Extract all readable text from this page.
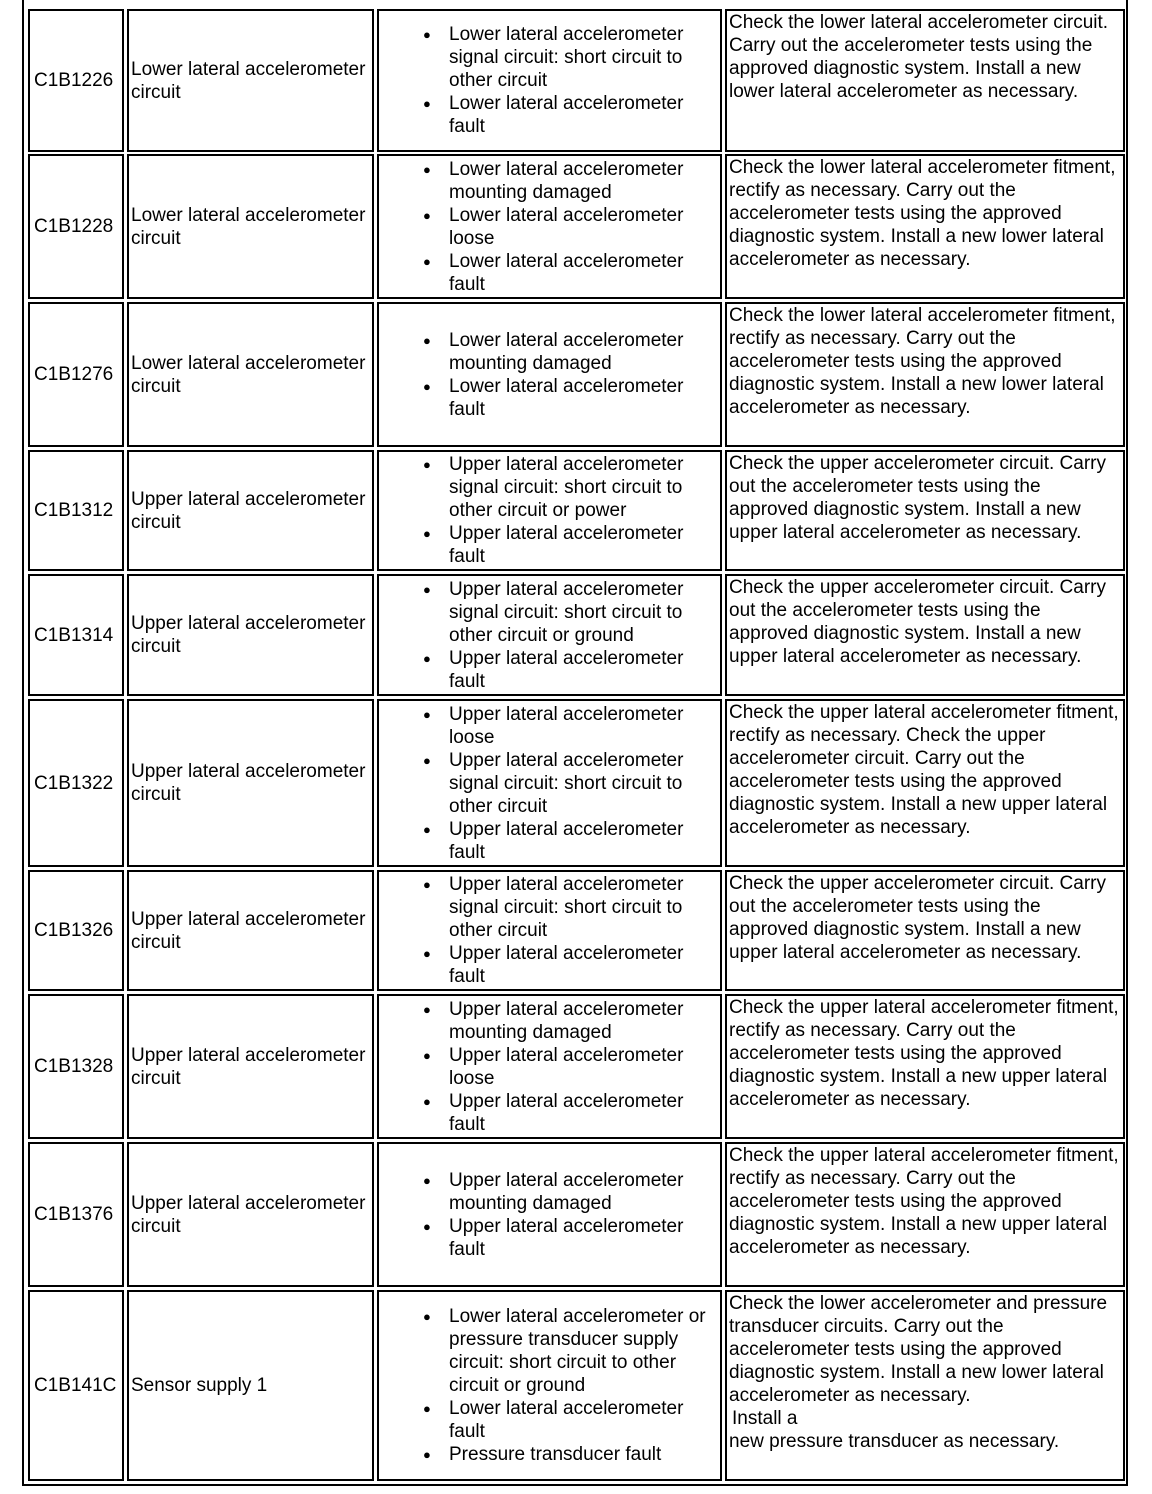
C1B1226
Lower lateral accelerometer circuit
● Lower lateral accelerometer signal circuit: short circuit to other circuit
● Lower lateral accelerometer fault

Check the lower lateral accelerometer circuit. Carry out the accelerometer tests using the approved diagnostic system. Install a new lower lateral accelerometer as necessary.

C1B1228
Lower lateral accelerometer circuit
● Lower lateral accelerometer mounting damaged
● Lower lateral accelerometer loose
● Lower lateral accelerometer fault

Check the lower lateral accelerometer fitment, rectify as necessary. Carry out the accelerometer tests using the approved diagnostic system. Install a new lower lateral accelerometer as necessary.

C1B1276
Lower lateral accelerometer circuit
● Lower lateral accelerometer mounting damaged
● Lower lateral accelerometer fault

Check the lower lateral accelerometer fitment, rectify as necessary. Carry out the accelerometer tests using the approved diagnostic system. Install a new lower lateral accelerometer as necessary.

C1B1312
Upper lateral accelerometer circuit
● Upper lateral accelerometer signal circuit: short circuit to other circuit or power
● Upper lateral accelerometer fault

Check the upper accelerometer circuit. Carry out the accelerometer tests using the approved diagnostic system. Install a new upper lateral accelerometer as necessary.

C1B1314
Upper lateral accelerometer circuit
● Upper lateral accelerometer signal circuit: short circuit to other circuit or ground
● Upper lateral accelerometer fault

Check the upper accelerometer circuit. Carry out the accelerometer tests using the approved diagnostic system. Install a new upper lateral accelerometer as necessary.

C1B1322
Upper lateral accelerometer circuit
● Upper lateral accelerometer loose
● Upper lateral accelerometer signal circuit: short circuit to other circuit
● Upper lateral accelerometer fault

Check the upper lateral accelerometer fitment, rectify as necessary. Check the upper accelerometer circuit. Carry out the accelerometer tests using the approved diagnostic system. Install a new upper lateral accelerometer as necessary.

C1B1326
Upper lateral accelerometer circuit
● Upper lateral accelerometer signal circuit: short circuit to other circuit
● Upper lateral accelerometer fault

Check the upper accelerometer circuit. Carry out the accelerometer tests using the approved diagnostic system. Install a new upper lateral accelerometer as necessary.

C1B1328
Upper lateral accelerometer circuit
● Upper lateral accelerometer mounting damaged
● Upper lateral accelerometer loose
● Upper lateral accelerometer fault

Check the upper lateral accelerometer fitment, rectify as necessary. Carry out the accelerometer tests using the approved diagnostic system. Install a new upper lateral accelerometer as necessary.

C1B1376
Upper lateral accelerometer circuit
● Upper lateral accelerometer mounting damaged
● Upper lateral accelerometer fault

Check the upper lateral accelerometer fitment, rectify as necessary. Carry out the accelerometer tests using the approved diagnostic system. Install a new upper lateral accelerometer as necessary.

C1B141C Sensor supply 1
● Lower lateral accelerometer or pressure transducer supply circuit: short circuit to other circuit or ground
● Lower lateral accelerometer fault
● Pressure transducer fault

Check the lower accelerometer and pressure transducer circuits. Carry out the accelerometer tests using the approved diagnostic system. Install a new lower lateral accelerometer as necessary.

Install a

new pressure transducer as necessary.
